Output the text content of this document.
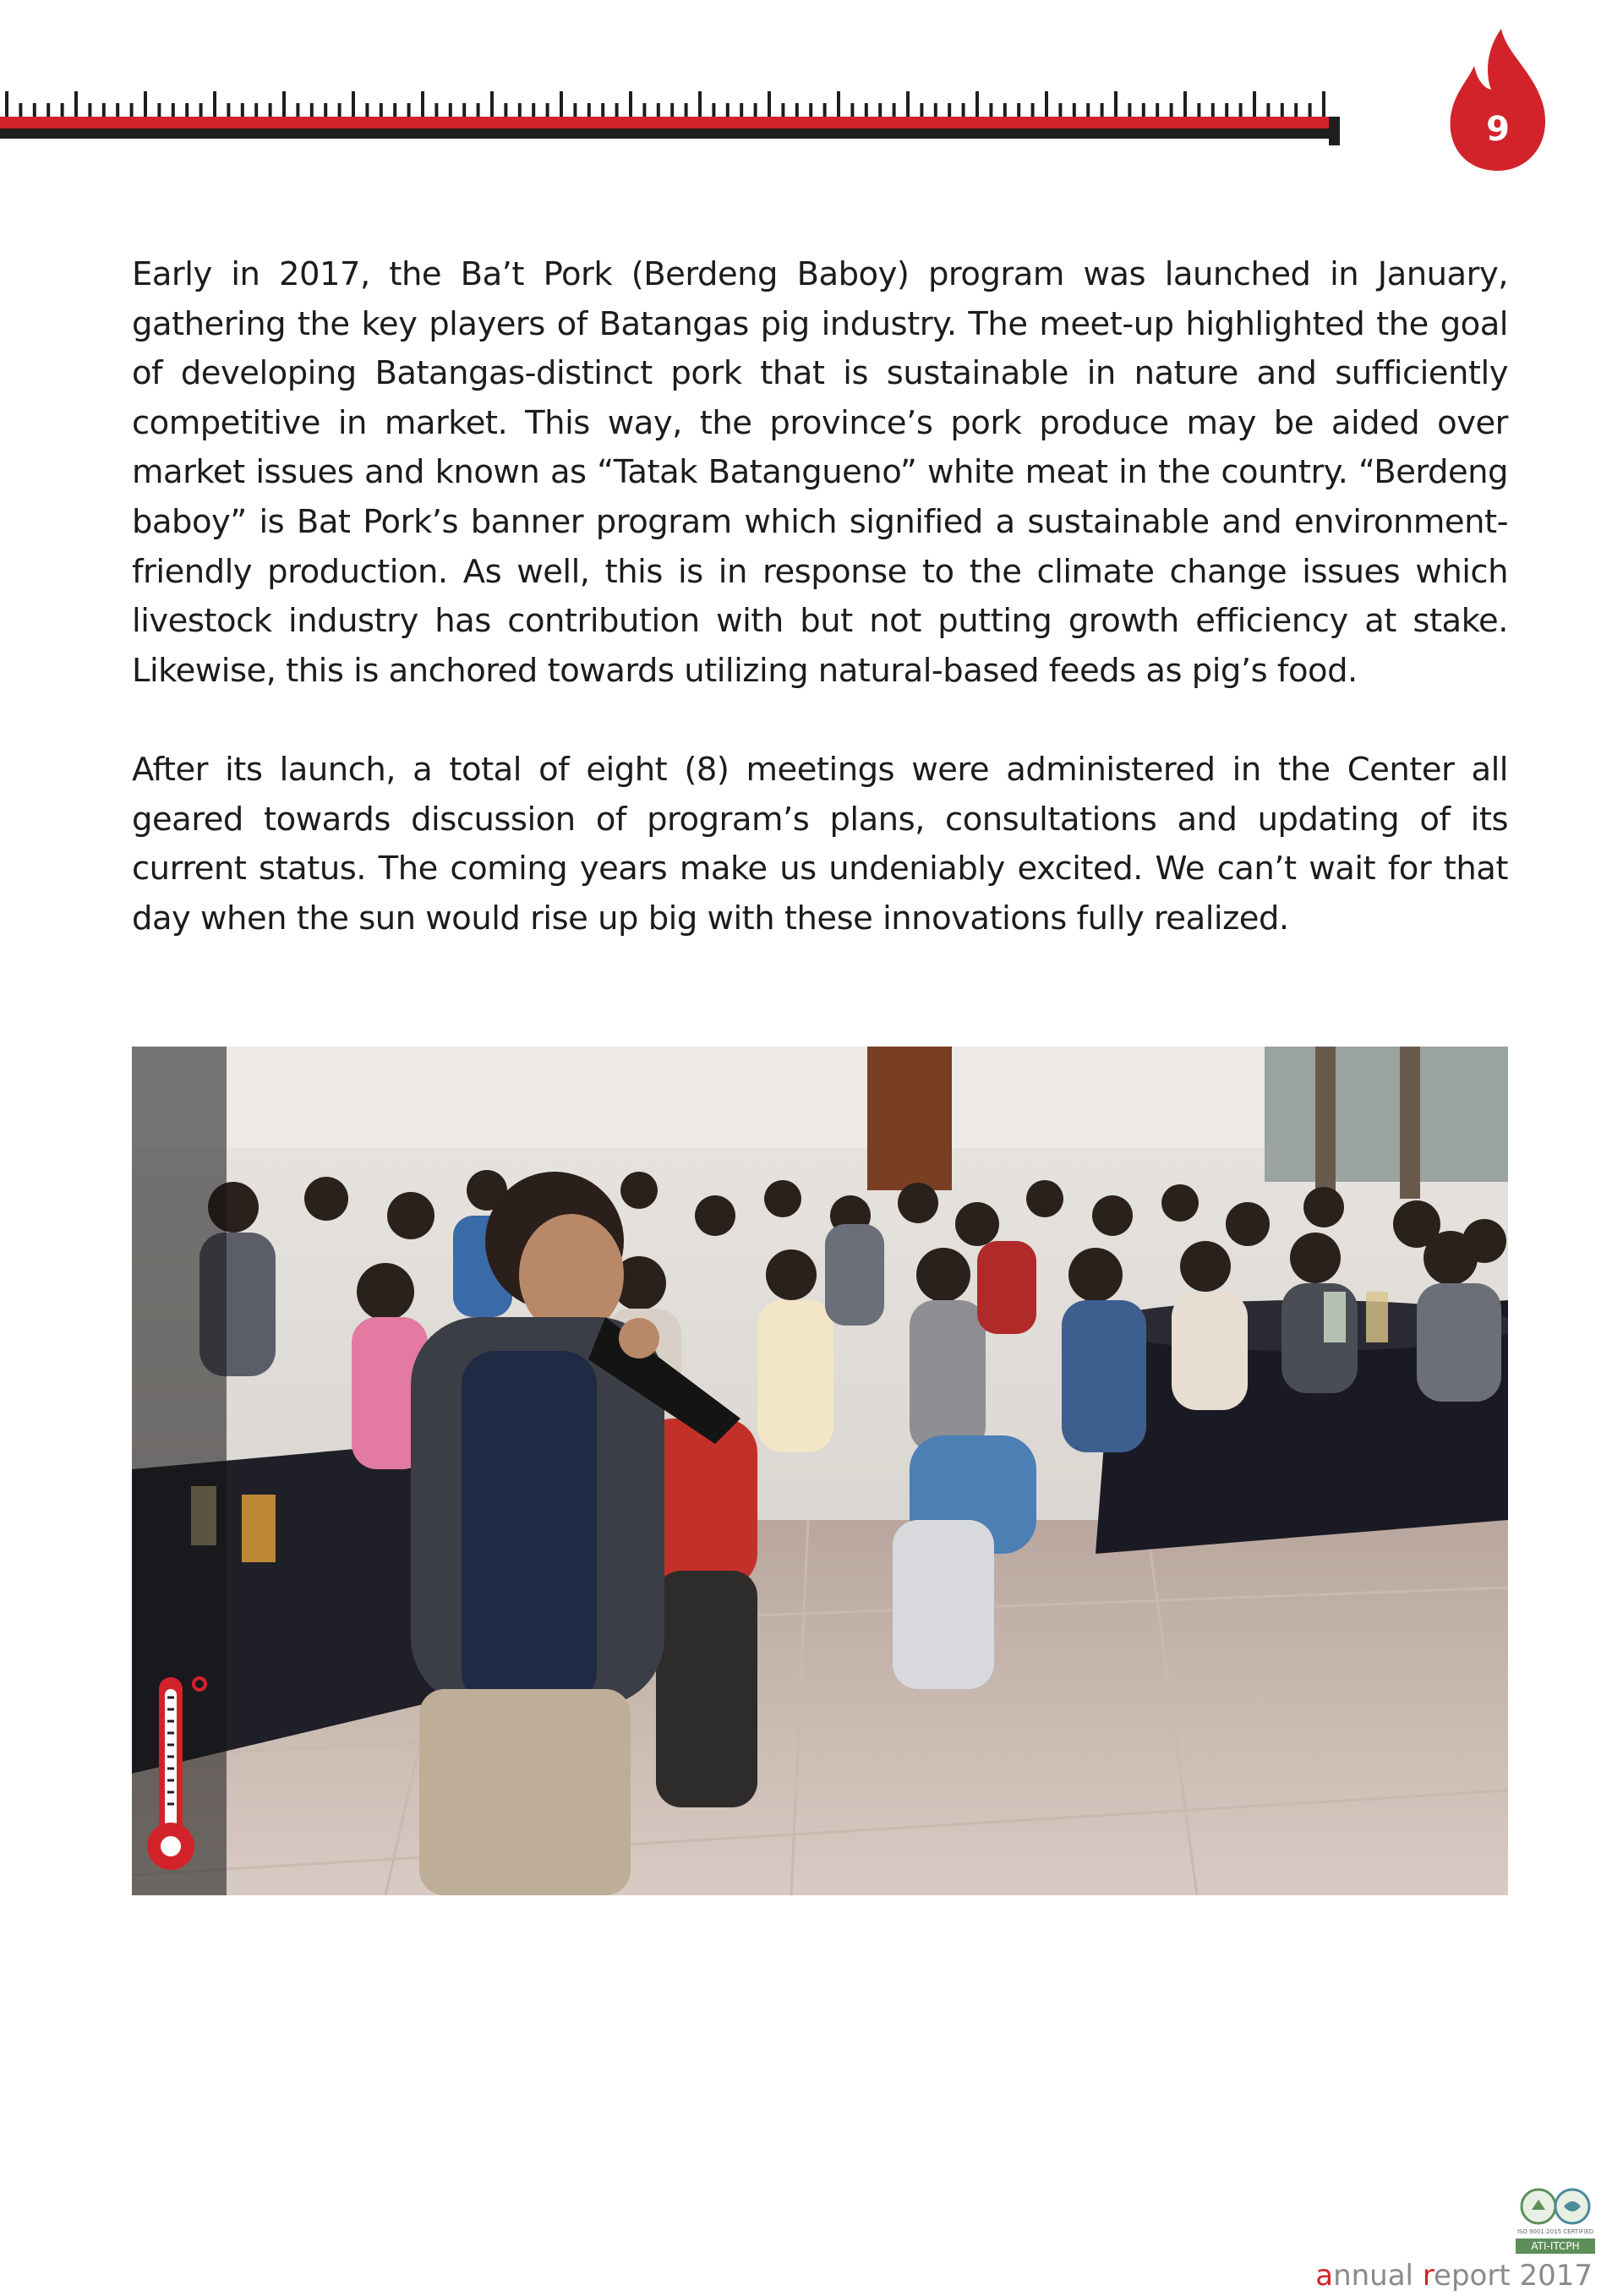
9

Early in 2017, the Ba’t Pork (Berdeng Baboy) program was launched in January, gathering the key players of Batangas pig industry. The meet-up highlighted the goal of developing Batangas-distinct pork that is sustainable in nature and sufficiently competitive in market. This way, the province’s pork produce may be aided over market issues and known as “Tatak Batangueno” white meat in the country. “Berdeng baboy” is Bat Pork’s banner program which signified a sustainable and environment-friendly production. As well, this is in response to the climate change issues which livestock industry has contribution with but not putting growth efficiency at stake. Likewise, this is anchored towards utilizing natural-based feeds as pig’s food.

After its launch, a total of eight (8) meetings were administered in the Center all geared towards discussion of program’s plans, consultations and updating of its current status. The coming years make us undeniably excited. We can’t wait for that day when the sun would rise up big with these innovations fully realized.

ISO 9001:2015 CERTIFIED
ATI-ITCPH
annual report 2017
